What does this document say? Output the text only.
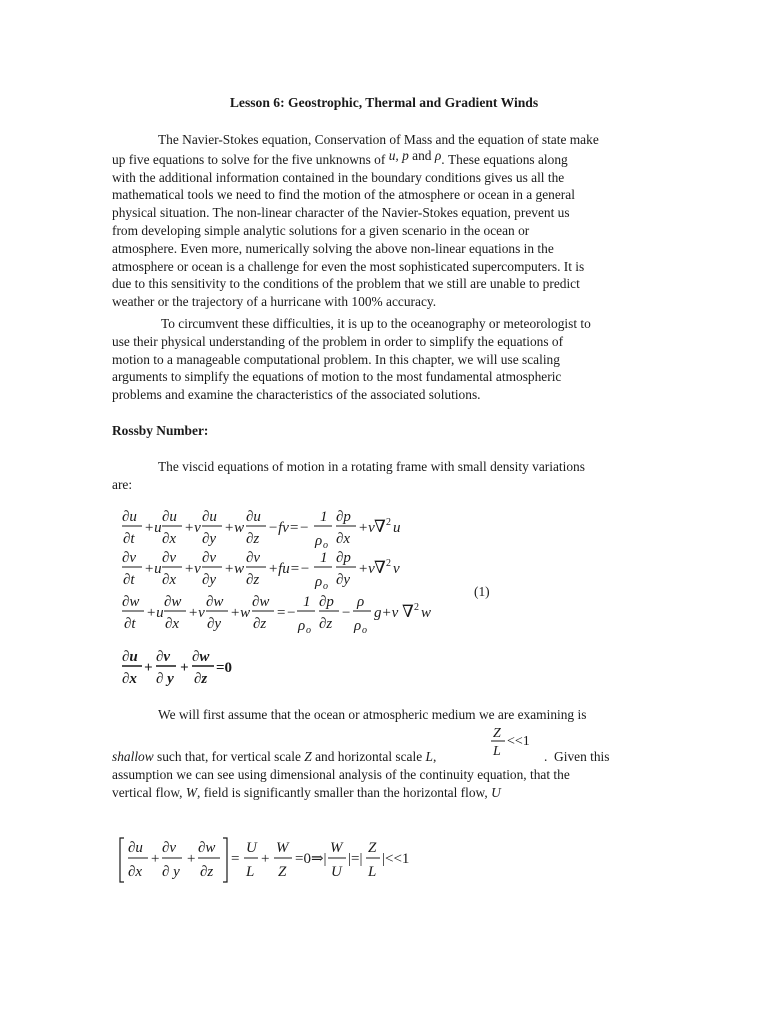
Lesson 6: Geostrophic, Thermal and Gradient Winds
The Navier-Stokes equation, Conservation of Mass and the equation of state make
up five equations to solve for the five unknowns of u, p and ρ. These equations along
with the additional information contained in the boundary conditions gives us all the
mathematical tools we need to find the motion of the atmosphere or ocean in a general
physical situation. The non-linear character of the Navier-Stokes equation, prevent us
from developing simple analytic solutions for a given scenario in the ocean or
atmosphere. Even more, numerically solving the above non-linear equations in the
atmosphere or ocean is a challenge for even the most sophisticated supercomputers. It is
due to this sensitivity to the conditions of the problem that we still are unable to predict
weather or the trajectory of a hurricane with 100% accuracy.
To circumvent these difficulties, it is up to the oceanography or meteorologist to
use their physical understanding of the problem in order to simplify the equations of
motion to a manageable computational problem. In this chapter, we will use scaling
arguments to simplify the equations of motion to the most fundamental atmospheric
problems and examine the characteristics of the associated solutions.
Rossby Number:
The viscid equations of motion in a rotating frame with small density variations
are:
∂u
∂t
+u
∂u
∂x
+v
∂u
∂y
+w
∂u
∂z
−fv=−
1
ρ o
∂p
∂x
+ν ∇ 2 u
∂v
∂t
+u
∂v
∂x
+v
∂v
∂y
+w
∂v
∂z
+fu=−
1
ρ o
∂p
∂y
+ν ∇ 2 v
∂w
∂t
+u
∂w
∂x
+v
∂w
∂y
+w
∂w
∂z
=−
1
ρ o
∂p
∂z
−
ρ
ρ o
g+ν ∇ 2 w
∂u
∂x
+
∂v
∂ y
+
∂w
∂z
=0
(1)
We will first assume that the ocean or atmospheric medium we are examining is
shallow such that, for vertical scale Z and horizontal scale L,
Z
L
<<1
.  Given this
assumption we can see using dimensional analysis of the continuity equation, that the
vertical flow, W, field is significantly smaller than the horizontal flow, U
∂u
∂x
+
∂v
∂ y
+
∂w
∂z
=
U
L
+
W
Z
=0⇒|
W
U
|=|
Z
L
|<<1
